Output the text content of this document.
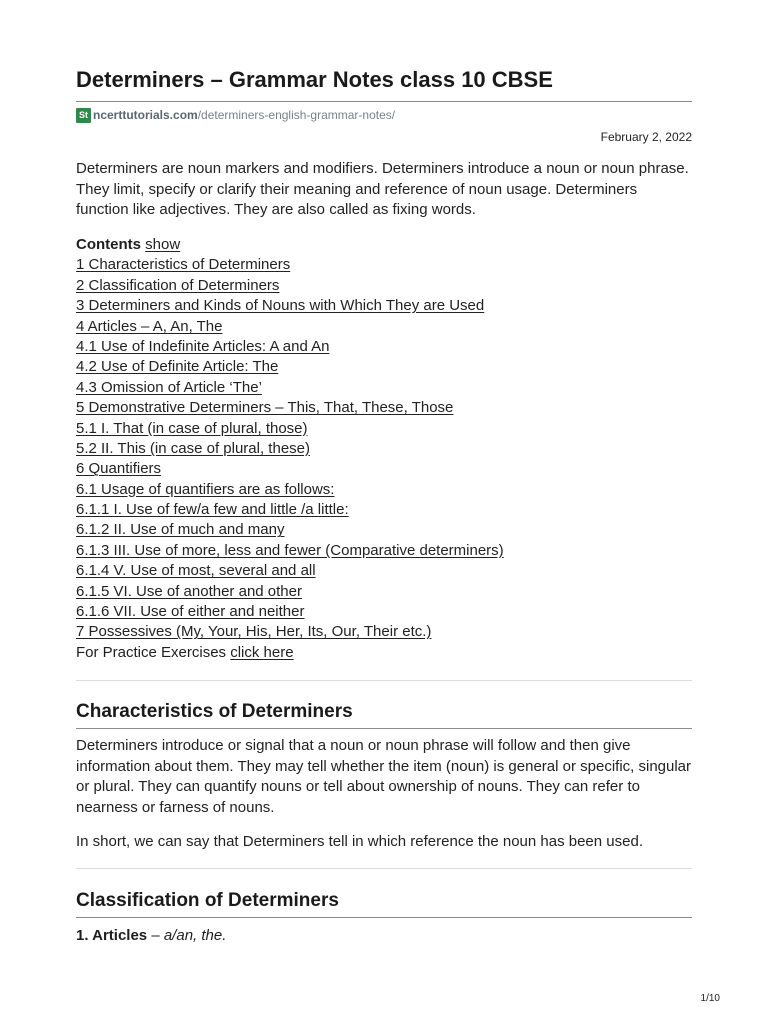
Determiners – Grammar Notes class 10 CBSE
St ncerttutorials.com /determiners-english-grammar-notes/
February 2, 2022

Determiners are noun markers and modifiers. Determiners introduce a noun or noun phrase. They limit, specify or clarify their meaning and reference of noun usage. Determiners function like adjectives. They are also called as fixing words.

Contents show
1 Characteristics of Determiners
2 Classification of Determiners
3 Determiners and Kinds of Nouns with Which They are Used
4 Articles – A, An, The
4.1 Use of Indefinite Articles: A and An
4.2 Use of Definite Article: The
4.3 Omission of Article ‘The’
5 Demonstrative Determiners – This, That, These, Those
5.1 I. That (in case of plural, those)
5.2 II. This (in case of plural, these)
6 Quantifiers
6.1 Usage of quantifiers are as follows:
6.1.1 I. Use of few/a few and little /a little:
6.1.2 II. Use of much and many
6.1.3 III. Use of more, less and fewer (Comparative determiners)
6.1.4 V. Use of most, several and all
6.1.5 VI. Use of another and other
6.1.6 VII. Use of either and neither
7 Possessives (My, Your, His, Her, Its, Our, Their etc.)
For Practice Exercises click here
Characteristics of Determiners

Determiners introduce or signal that a noun or noun phrase will follow and then give information about them. They may tell whether the item (noun) is general or specific, singular or plural. They can quantify nouns or tell about ownership of nouns. They can refer to nearness or farness of nouns.

In short, we can say that Determiners tell in which reference the noun has been used.

Classification of Determiners
1. Articles – a/an, the.
1/10
